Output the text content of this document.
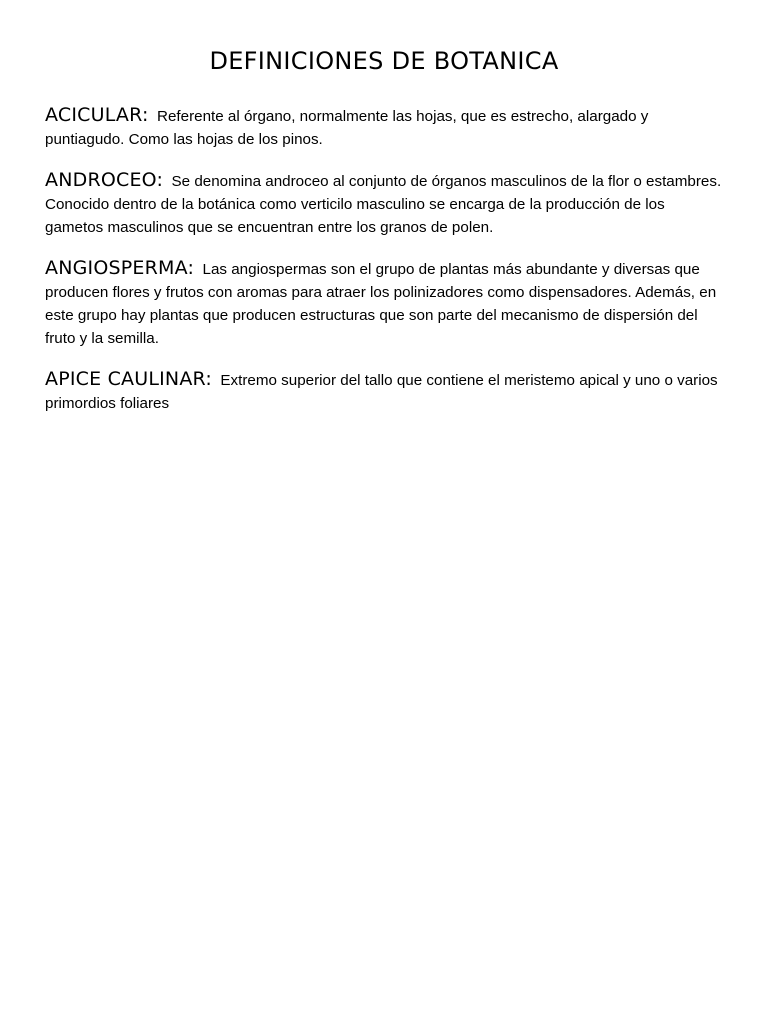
DEFINICIONES DE BOTANICA

ACICULAR: Referente al órgano, normalmente las hojas, que es estrecho, alargado y puntiagudo. Como las hojas de los pinos.

ANDROCEO: Se denomina androceo al conjunto de órganos masculinos de la flor o estambres. Conocido dentro de la botánica como verticilo masculino se encarga de la producción de los gametos masculinos que se encuentran entre los granos de polen.

ANGIOSPERMA: Las angiospermas son el grupo de plantas más abundante y diversas que producen flores y frutos con aromas para atraer los polinizadores como dispensadores. Además, en este grupo hay plantas que producen estructuras que son parte del mecanismo de dispersión del fruto y la semilla.

APICE CAULINAR: Extremo superior del tallo que contiene el meristemo apical y uno o varios primordios foliares
